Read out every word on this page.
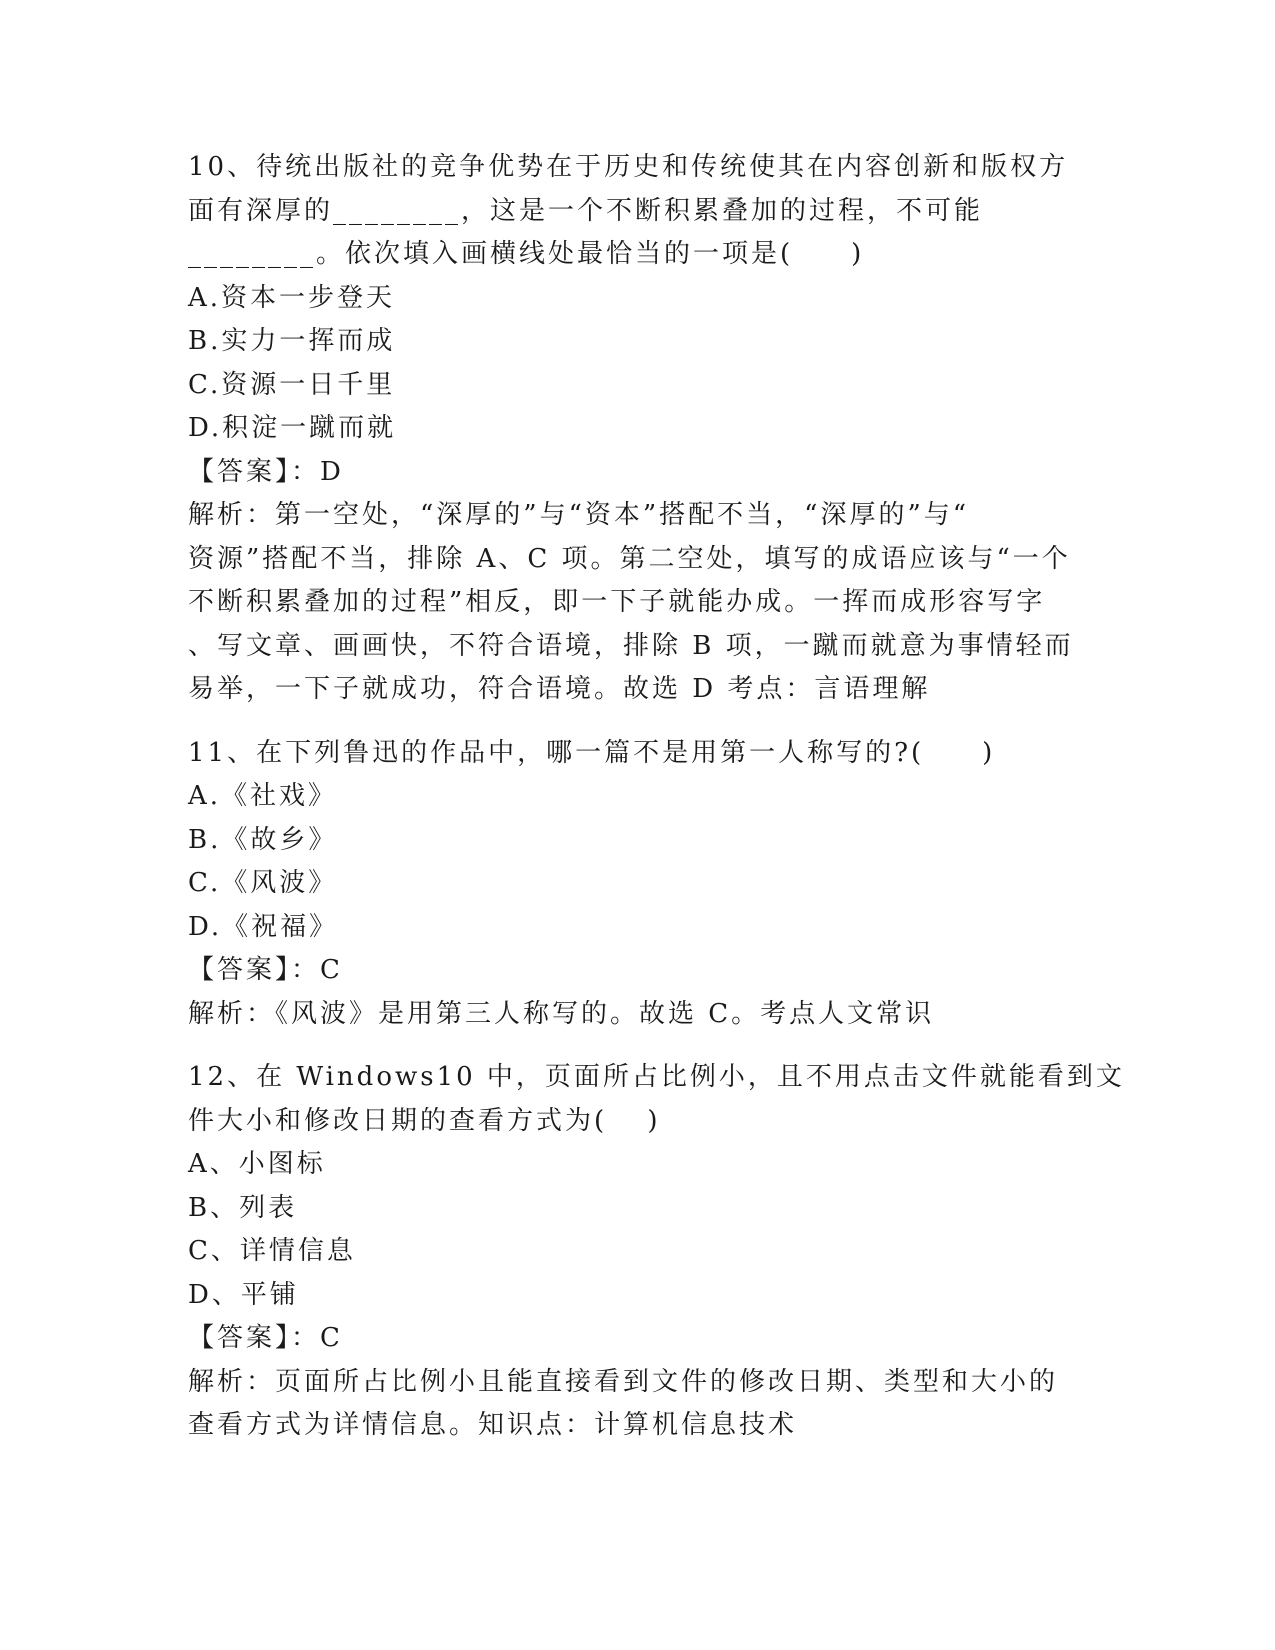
10、待统出版社的竞争优势在于历史和传统使其在内容创新和版权方
面有深厚的________，这是一个不断积累叠加的过程，不可能
________。依次填入画横线处最恰当的一项是(　　)
A.资本一步登天
B.实力一挥而成
C.资源一日千里
D.积淀一蹴而就
【答案】：D
解析：第一空处，“深厚的”与“资本”搭配不当，“深厚的”与“
资源”搭配不当，排除 A、C 项。第二空处，填写的成语应该与“一个
不断积累叠加的过程”相反，即一下子就能办成。一挥而成形容写字
、写文章、画画快，不符合语境，排除 B 项，一蹴而就意为事情轻而
易举，一下子就成功，符合语境。故选 D 考点：言语理解
11、在下列鲁迅的作品中，哪一篇不是用第一人称写的?(　　)
A.《社戏》
B.《故乡》
C.《风波》
D.《祝福》
【答案】：C
解析：《风波》是用第三人称写的。故选 C。考点人文常识
12、在 Windows10 中，页面所占比例小，且不用点击文件就能看到文
件大小和修改日期的查看方式为(　 )
A、小图标
B、列表
C、详情信息
D、平铺
【答案】：C
解析：页面所占比例小且能直接看到文件的修改日期、类型和大小的
查看方式为详情信息。知识点：计算机信息技术
